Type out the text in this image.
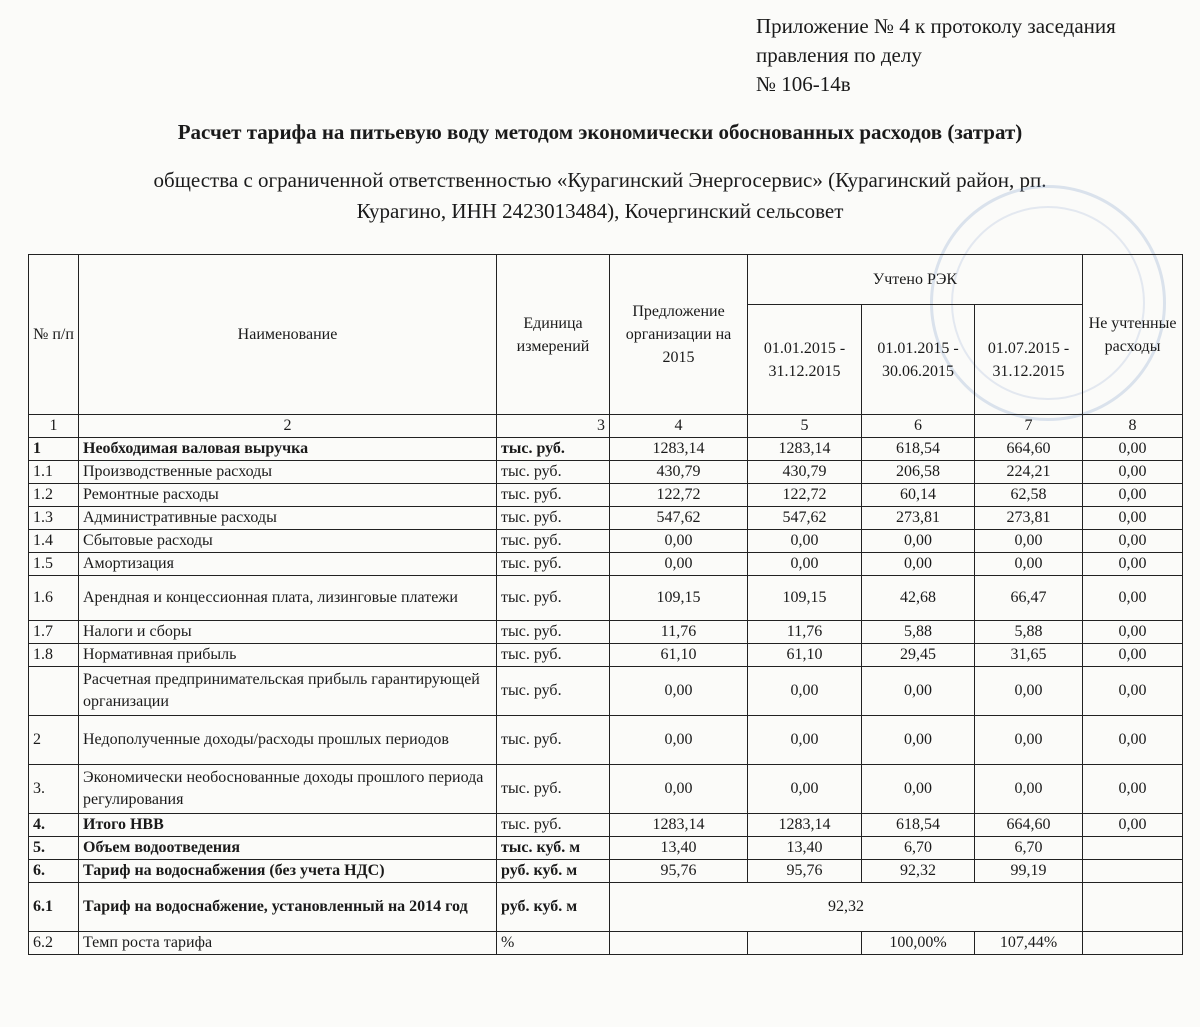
Приложение № 4 к протоколу заседания
правления по делу
№ 106-14в
Расчет тарифа на питьевую воду методом экономически обоснованных расходов (затрат)
общества с ограниченной ответственностью «Курагинский Энергосервис» (Курагинский район, рп.
Курагино, ИНН 2423013484), Кочергинский сельсовет
№ п/п	Наименование	Единица измерений	Предложение организации на 2015	Учтено РЭК			Не учтенные расходы
				01.01.2015 - 31.12.2015	01.01.2015 - 30.06.2015	01.07.2015 - 31.12.2015	
1	2	3	4	5	6	7	8
1	Необходимая валовая выручка	тыс. руб.	1283,14	1283,14	618,54	664,60	0,00
1.1	Производственные расходы	тыс. руб.	430,79	430,79	206,58	224,21	0,00
1.2	Ремонтные расходы	тыс. руб.	122,72	122,72	60,14	62,58	0,00
1.3	Административные расходы	тыс. руб.	547,62	547,62	273,81	273,81	0,00
1.4	Сбытовые расходы	тыс. руб.	0,00	0,00	0,00	0,00	0,00
1.5	Амортизация	тыс. руб.	0,00	0,00	0,00	0,00	0,00
1.6	Арендная и концессионная плата, лизинговые платежи	тыс. руб.	109,15	109,15	42,68	66,47	0,00
1.7	Налоги и сборы	тыс. руб.	11,76	11,76	5,88	5,88	0,00
1.8	Нормативная прибыль	тыс. руб.	61,10	61,10	29,45	31,65	0,00
	Расчетная предпринимательская прибыль гарантирующей организации	тыс. руб.	0,00	0,00	0,00	0,00	0,00
2	Недополученные доходы/расходы прошлых периодов	тыс. руб.	0,00	0,00	0,00	0,00	0,00
3.	Экономически необоснованные доходы прошлого периода регулирования	тыс. руб.	0,00	0,00	0,00	0,00	0,00
4.	Итого НВВ	тыс. руб.	1283,14	1283,14	618,54	664,60	0,00
5.	Объем водоотведения	тыс. куб. м	13,40	13,40	6,70	6,70	
6.	Тариф на водоснабжения (без учета НДС)	руб. куб. м	95,76	95,76	92,32	99,19	
6.1	Тариф на водоснабжение, установленный на 2014 год	руб. куб. м	92,32				
6.2	Темп роста тарифа	%			100,00%	107,44%	
